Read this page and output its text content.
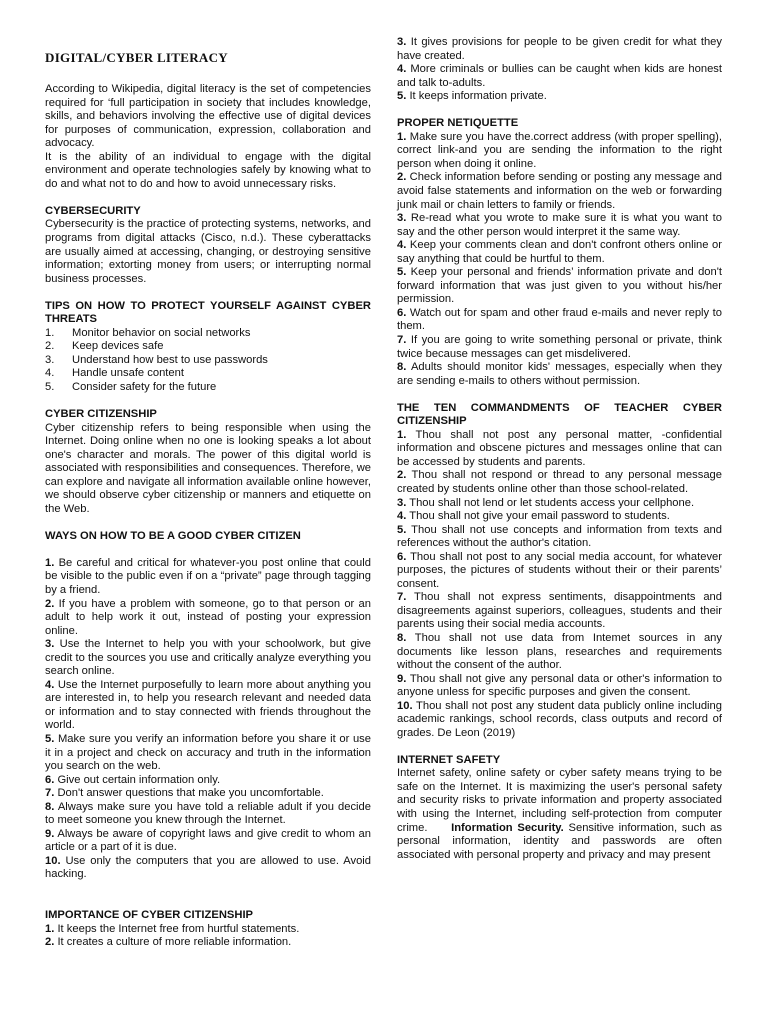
DIGITAL/CYBER LITERACY

According to Wikipedia, digital literacy is the set of competencies required for ‘full participation in society that includes knowledge, skills, and behaviors involving the effective use of digital devices for purposes of communication, expression, collaboration and advocacy.

It is the ability of an individual to engage with the digital environment and operate technologies safely by knowing what to do and what not to do and how to avoid unnecessary risks.

CYBERSECURITY

Cybersecurity is the practice of protecting systems, networks, and programs from digital attacks (Cisco, n.d.). These cyberattacks are usually aimed at accessing, changing, or destroying sensitive information; extorting money from users; or interrupting normal business processes.

TIPS ON HOW TO PROTECT YOURSELF AGAINST CYBER THREATS

1.	Monitor behavior on social networks
2.	Keep devices safe
3.	Understand how best to use passwords
4.	Handle unsafe content
5.	Consider safety for the future

CYBER CITIZENSHIP

Cyber citizenship refers to being responsible when using the Internet. Doing online when no one is looking speaks a lot about one's character and morals. The power of this digital world is associated with responsibilities and consequences. Therefore, we can explore and navigate all information available online however, we should observe cyber citizenship or manners and etiquette on the Web.

WAYS ON HOW TO BE A GOOD CYBER CITIZEN

1. Be careful and critical for whatever-you post online that could be visible to the public even if on a “private” page through tagging by a friend.

2. If you have a problem with someone, go to that person or an adult to help work it out, instead of posting your expression online.

3. Use the Internet to help you with your schoolwork, but give credit to the sources you use and critically analyze everything you search online.

4. Use the Internet purposefully to learn more about anything you are interested in, to help you research relevant and needed data or information and to stay connected with friends throughout the world.

5. Make sure you verify an information before you share it or use it in a project and check on accuracy and truth in the information you search on the web.

6. Give out certain information only.

7. Don't answer questions that make you uncomfortable.

8. Always make sure you have told a reliable adult if you decide to meet someone you knew through the Internet.

9. Always be aware of copyright laws and give credit to whom an article or a part of it is due.

10. Use only the computers that you are allowed to use. Avoid hacking.

IMPORTANCE OF CYBER CITIZENSHIP

1. It keeps the Internet free from hurtful statements.

2. It creates a culture of more reliable information.

3. It gives provisions for people to be given credit for what they have created.

4. More criminals or bullies can be caught when kids are honest and talk to-adults.

5. It keeps information private.

PROPER NETIQUETTE

1. Make sure you have the.correct address (with proper spelling), correct link-and you are sending the information to the right person when doing it online.

2. Check information before sending or posting any message and avoid false statements and information on the web or forwarding junk mail or chain letters to family or friends.

3. Re-read what you wrote to make sure it is what you want to say and the other person would interpret it the same way.

4. Keep your comments clean and don't confront others online or say anything that could be hurtful to them.

5. Keep your personal and friends’ information private and don't forward information that was just given to you without his/her permission.

6. Watch out for spam and other fraud e-mails and never reply to them.

7. If you are going to write something personal or private, think twice because messages can get misdelivered.

8. Adults should monitor kids' messages, especially when they are sending e-mails to others without permission.

THE TEN COMMANDMENTS OF TEACHER CYBER CITIZENSHIP

1. Thou shall not post any personal matter, -confidential information and obscene pictures and messages online that can be accessed by students and parents.

2. Thou shall not respond or thread to any personal message created by students online other than those school-related.

3. Thou shall not lend or let students access your cellphone.

4. Thou shall not give your email password to students.

5. Thou shall not use concepts and information from texts and references without the author's citation.

6. Thou shall not post to any social media account, for whatever purposes, the pictures of students without their or their parents’ consent.

7. Thou shall not express sentiments, disappointments and disagreements against superiors, colleagues, students and their parents using their social media accounts.

8. Thou shall not use data from Intemet sources in any documents like lesson plans, researches and requirements without the consent of the author.

9. Thou shall not give any personal data or other's information to anyone unless for specific purposes and given the consent.

10. Thou shall not post any student data publicly online including academic rankings, school records, class outputs and record of grades. De Leon (2019)

INTERNET SAFETY

Internet safety, online safety or cyber safety means trying to be safe on the Internet. It is maximizing the user's personal safety and security risks to private information and property associated with using the Internet, including self-protection from computer crime. Information Security. Sensitive information, such as personal information, identity and passwords are often associated with personal property and privacy and may present
